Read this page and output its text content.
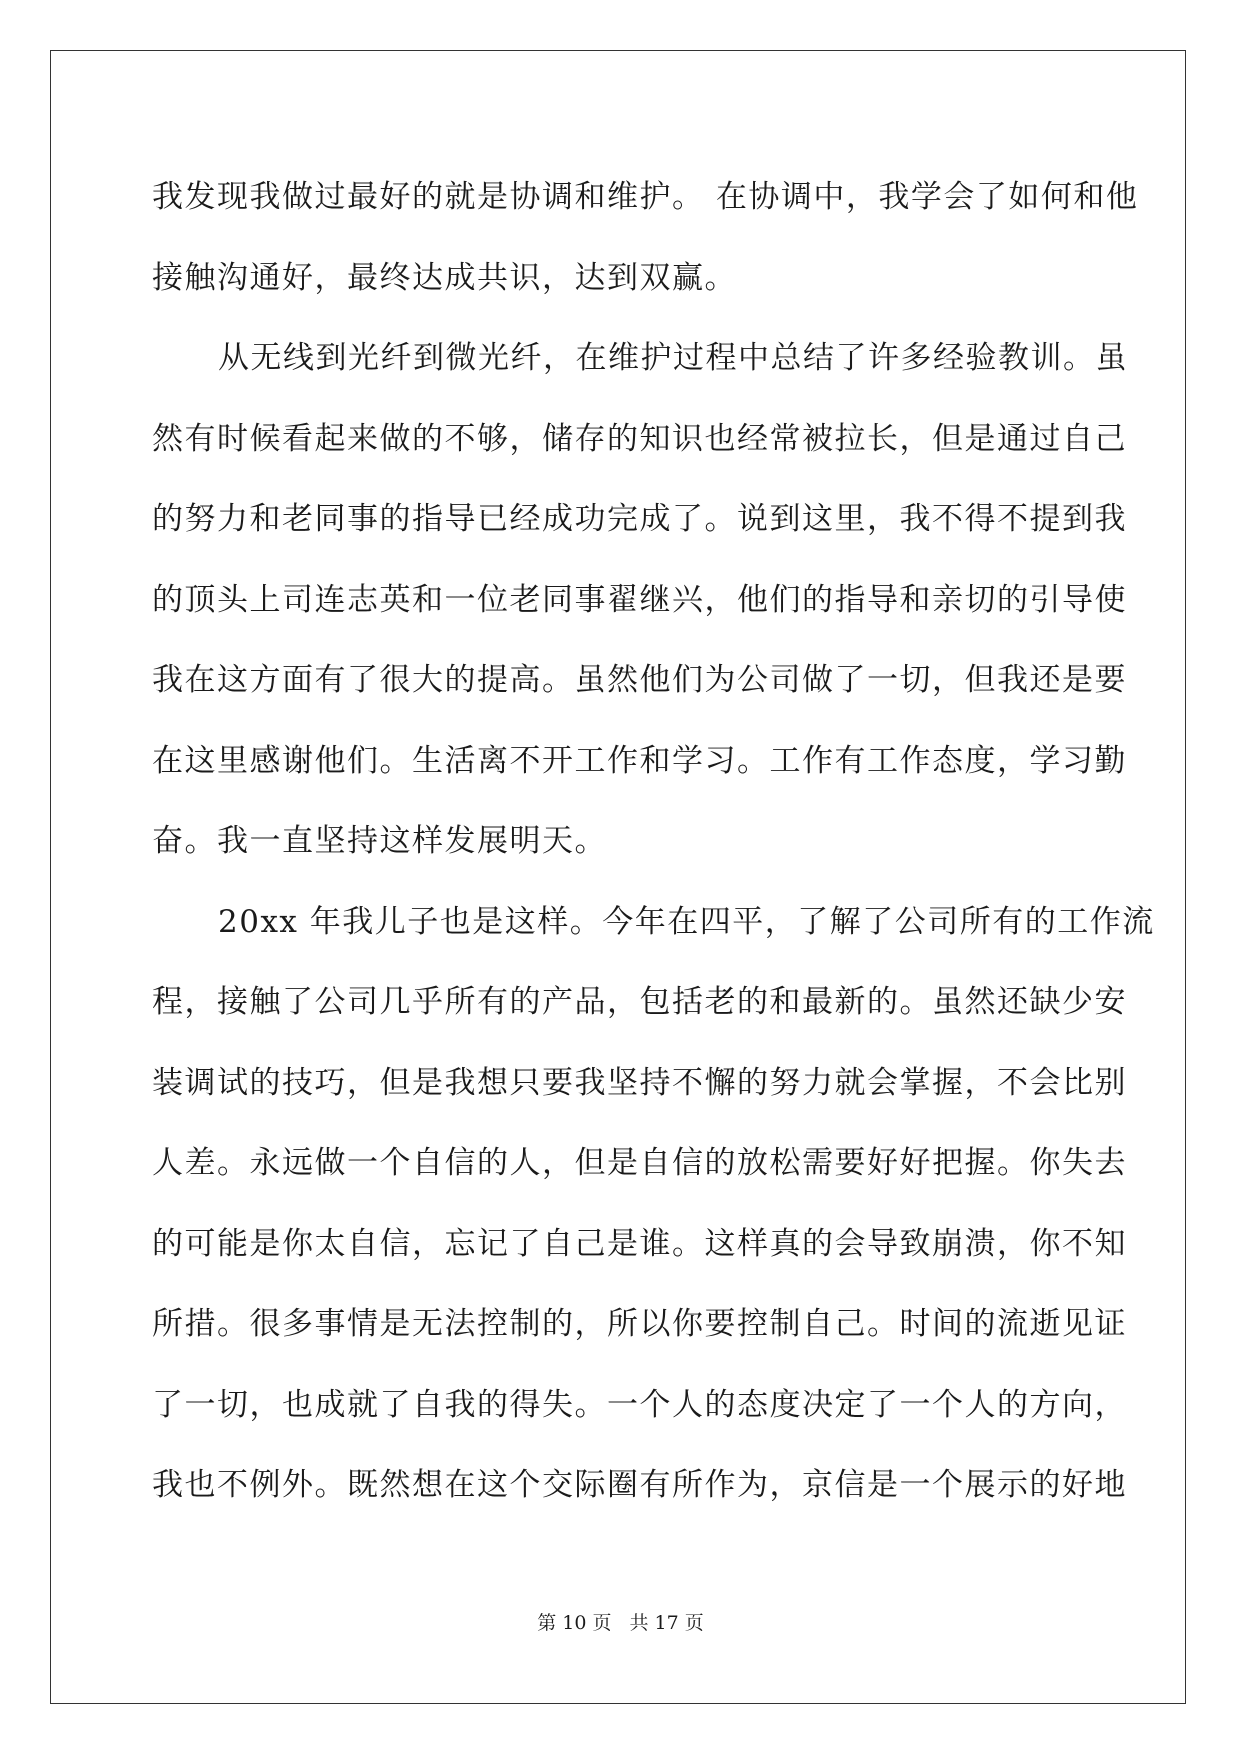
我发现我做过最好的就是协调和维护。 在协调中，我学会了如何和他
接触沟通好，最终达成共识，达到双赢。
从无线到光纤到微光纤，在维护过程中总结了许多经验教训。虽
然有时候看起来做的不够，储存的知识也经常被拉长，但是通过自己
的努力和老同事的指导已经成功完成了。说到这里，我不得不提到我
的顶头上司连志英和一位老同事翟继兴，他们的指导和亲切的引导使
我在这方面有了很大的提高。虽然他们为公司做了一切，但我还是要
在这里感谢他们。生活离不开工作和学习。工作有工作态度，学习勤
奋。我一直坚持这样发展明天。
20xx 年我儿子也是这样。今年在四平，了解了公司所有的工作流
程，接触了公司几乎所有的产品，包括老的和最新的。虽然还缺少安
装调试的技巧，但是我想只要我坚持不懈的努力就会掌握，不会比别
人差。永远做一个自信的人，但是自信的放松需要好好把握。你失去
的可能是你太自信，忘记了自己是谁。这样真的会导致崩溃，你不知
所措。很多事情是无法控制的，所以你要控制自己。时间的流逝见证
了一切，也成就了自我的得失。一个人的态度决定了一个人的方向，
我也不例外。既然想在这个交际圈有所作为，京信是一个展示的好地
第 10 页 共 17 页
